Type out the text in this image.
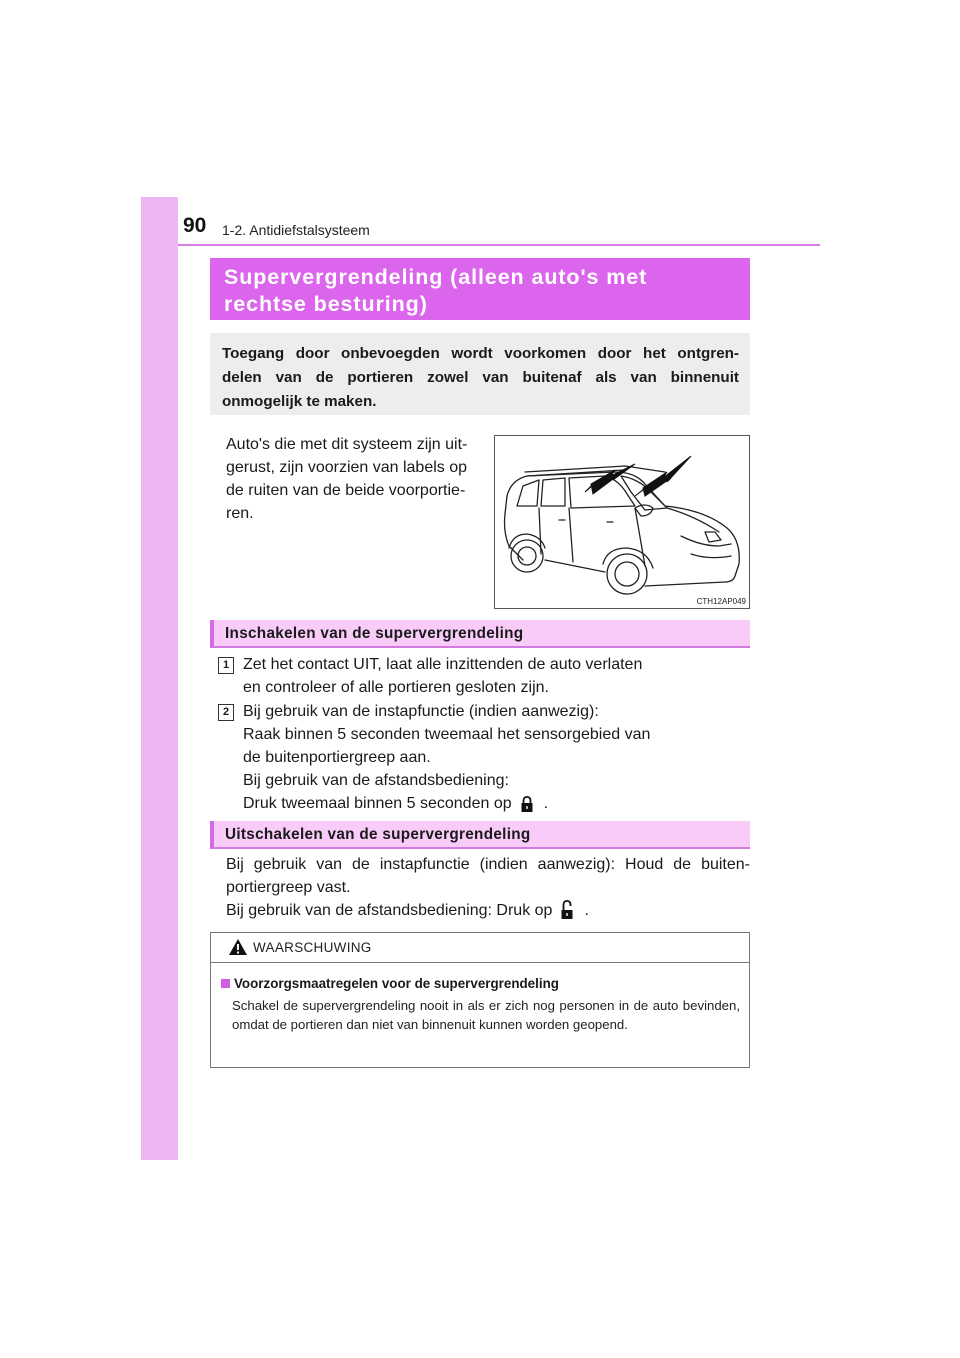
90 1-2. Antidiefstalsysteem
Supervergrendeling (alleen auto's met
rechtse besturing)
Toegang door onbevoegden wordt voorkomen door het ontgren-
delen van de portieren zowel van buitenaf als van binnenuit
onmogelijk te maken.
Auto's die met dit systeem zijn uit-
gerust, zijn voorzien van labels op
de ruiten van de beide voorportie-
ren.
CTH12AP049
Inschakelen van de supervergrendeling
1 Zet het contact UIT, laat alle inzittenden de auto verlaten
en controleer of alle portieren gesloten zijn.
2 Bij gebruik van de instapfunctie (indien aanwezig):
Raak binnen 5 seconden tweemaal het sensorgebied van
de buitenportiergreep aan.
Bij gebruik van de afstandsbediening:
Druk tweemaal binnen 5 seconden op .
Uitschakelen van de supervergrendeling
Bij gebruik van de instapfunctie (indien aanwezig): Houd de buiten-
portiergreep vast.
Bij gebruik van de afstandsbediening: Druk op .
WAARSCHUWING
Voorzorgsmaatregelen voor de supervergrendeling
Schakel de supervergrendeling nooit in als er zich nog personen in de auto bevinden, omdat de portieren dan niet van binnenuit kunnen worden geopend.
